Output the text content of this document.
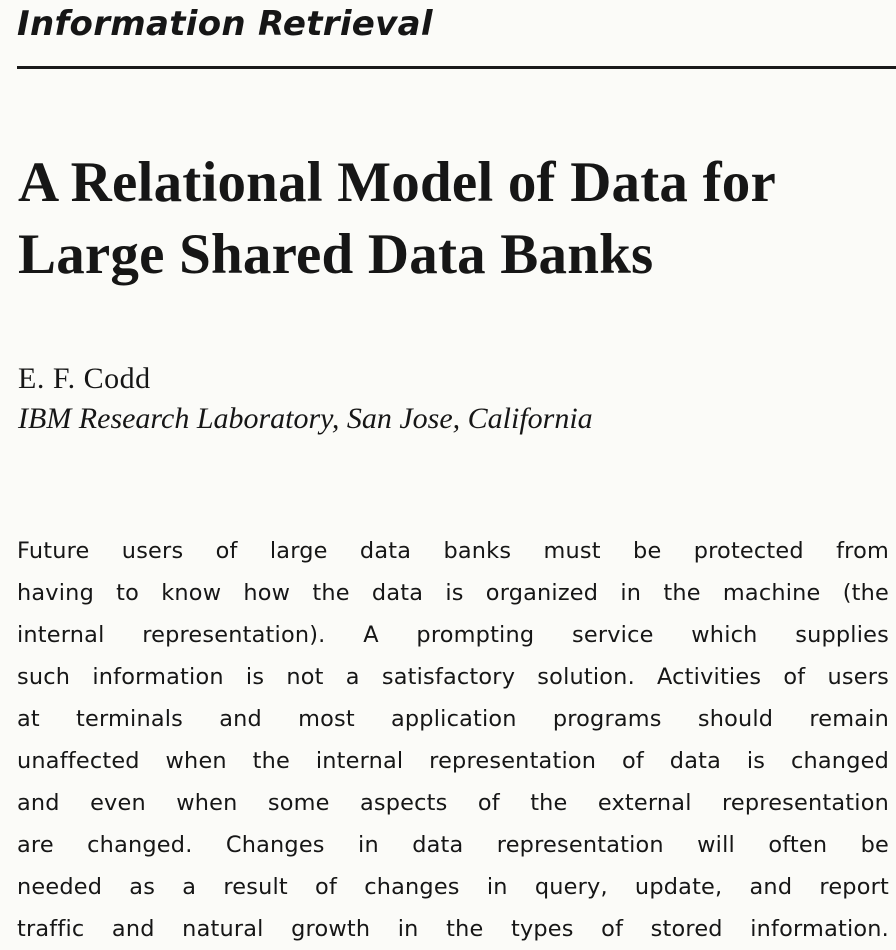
Information Retrieval
A Relational Model of Data for
Large Shared Data Banks
E. F. Codd
IBM Research Laboratory, San Jose, California

Future users of large data banks must be protected from
having to know how the data is organized in the machine (the
internal representation). A prompting service which supplies
such information is not a satisfactory solution. Activities of users
at terminals and most application programs should remain
unaffected when the internal representation of data is changed
and even when some aspects of the external representation
are changed. Changes in data representation will often be
needed as a result of changes in query, update, and report
traffic and natural growth in the types of stored information.
